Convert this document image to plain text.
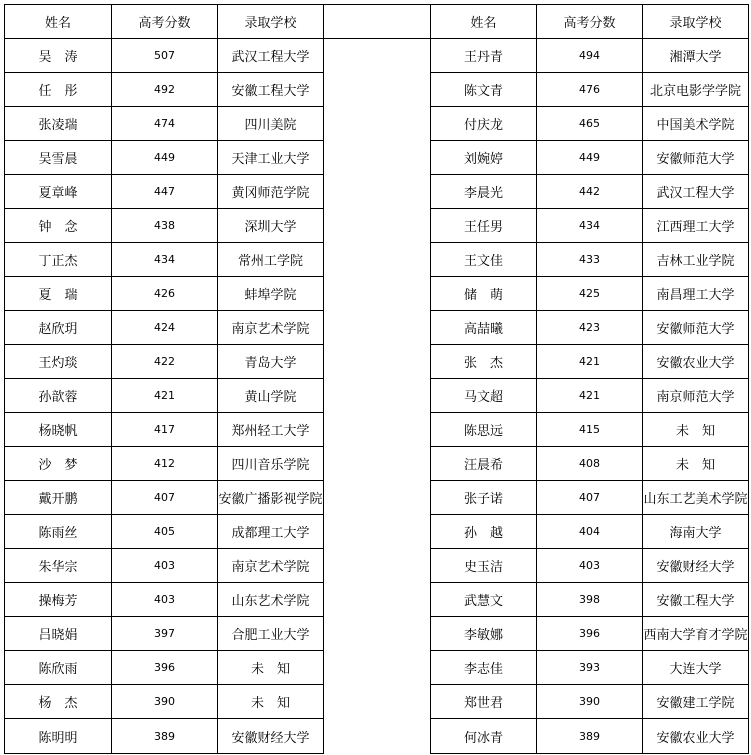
姓名	高考分数	录取学校		姓名	高考分数	录取学校
吴　涛	507	武汉工程大学		王丹青	494	湘潭大学
任　彤	492	安徽工程大学		陈文青	476	北京电影学学院
张凌瑞	474	四川美院		付庆龙	465	中国美术学院
吴雪晨	449	天津工业大学		刘婉婷	449	安徽师范大学
夏章峰	447	黄冈师范学院		李晨光	442	武汉工程大学
钟　念	438	深圳大学		王任男	434	江西理工大学
丁正杰	434	常州工学院		王文佳	433	吉林工业学院
夏　瑞	426	蚌埠学院		储　萌	425	南昌理工大学
赵欣玥	424	南京艺术学院		高喆曦	423	安徽师范大学
王灼琰	422	青岛大学		张　杰	421	安徽农业大学
孙歆蓉	421	黄山学院		马文超	421	南京师范大学
杨晓帆	417	郑州轻工大学		陈思远	415	未　知
沙　梦	412	四川音乐学院		汪晨希	408	未　知
戴开鹏	407	安徽广播影视学院		张子诺	407	山东工艺美术学院
陈雨丝	405	成都理工大学		孙　越	404	海南大学
朱华宗	403	南京艺术学院		史玉洁	403	安徽财经大学
操梅芳	403	山东艺术学院		武慧文	398	安徽工程大学
吕晓娟	397	合肥工业大学		李敏娜	396	西南大学育才学院
陈欣雨	396	未　知		李志佳	393	大连大学
杨　杰	390	未　知		郑世君	390	安徽建工学院
陈明明	389	安徽财经大学		何冰青	389	安徽农业大学
